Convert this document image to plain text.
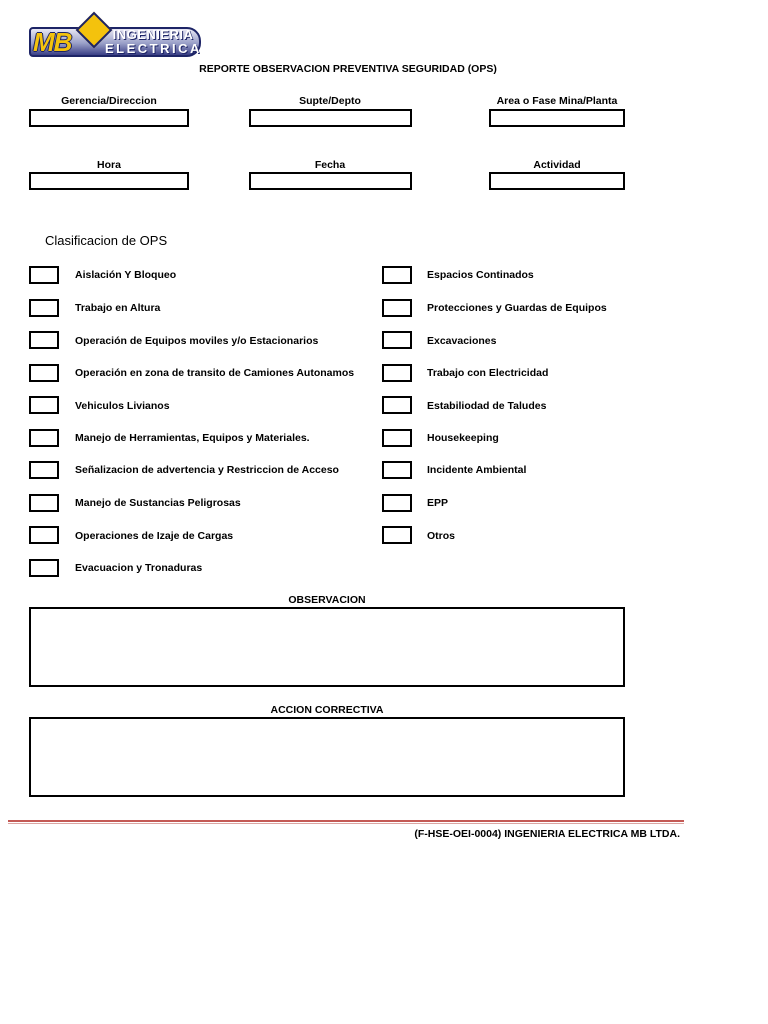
MB	INGENIERIA
ELECTRICA
REPORTE OBSERVACION PREVENTIVA SEGURIDAD (OPS)
Gerencia/Direccion	Supte/Depto	Area o Fase Mina/Planta
Hora	Fecha	Actividad
Clasificacion de OPS
Aislación Y Bloqueo
Trabajo en Altura
Operación de Equipos moviles y/o Estacionarios
Operación en zona de transito de Camiones Autonamos
Vehiculos Livianos
Manejo de Herramientas, Equipos y Materiales.
Señalizacion de advertencia y Restriccion de Acceso
Manejo de Sustancias Peligrosas
Operaciones de Izaje de Cargas
Evacuacion y Tronaduras
Espacios Continados
Protecciones y Guardas de Equipos
Excavaciones
Trabajo con Electricidad
Estabiliodad de Taludes
Housekeeping
Incidente Ambiental
EPP
Otros
OBSERVACION
ACCION CORRECTIVA
(F-HSE-OEI-0004) INGENIERIA ELECTRICA MB LTDA.
